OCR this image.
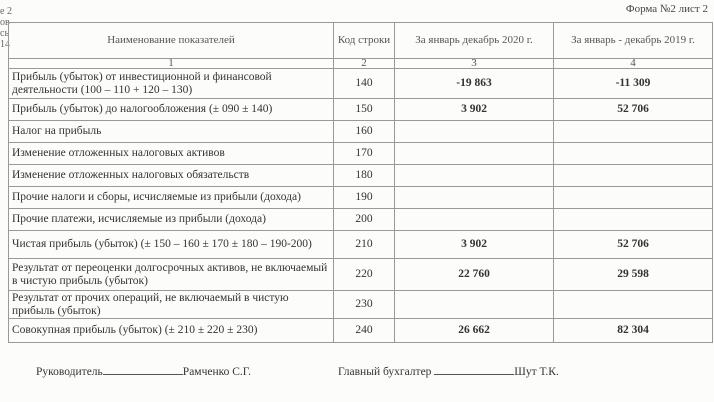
е 2
ов
сь
14
Форма №2 лист 2
Наименование показателей	Код строки	За январь декабрь 2020 г.	За январь - декабрь 2019 г.
1	2	3	4
Прибыль (убыток) от инвестиционной и финансовой деятельности (100 – 110 + 120 – 130)	140	-19 863	-11 309
Прибыль (убыток) до налогообложения (± 090 ± 140)	150	3 902	52 706
Налог на прибыль	160		
Изменение отложенных налоговых активов	170		
Изменение отложенных налоговых обязательств	180		
Прочие налоги и сборы, исчисляемые из прибыли (дохода)	190		
Прочие платежи, исчисляемые из прибыли (дохода)	200		
Чистая прибыль (убыток) (± 150 – 160 ± 170 ± 180 – 190-200)	210	3 902	52 706
Результат от переоценки долгосрочных активов, не включаемый в чистую прибыль (убыток)	220	22 760	29 598
Результат от прочих операций, не включаемый в чистую прибыль (убыток)	230		
Совокупная прибыль (убыток) (± 210 ± 220 ± 230)	240	26 662	82 304
Руководитель	Рамченко С.Г.	Главный бухгалтер	Шут Т.К.
